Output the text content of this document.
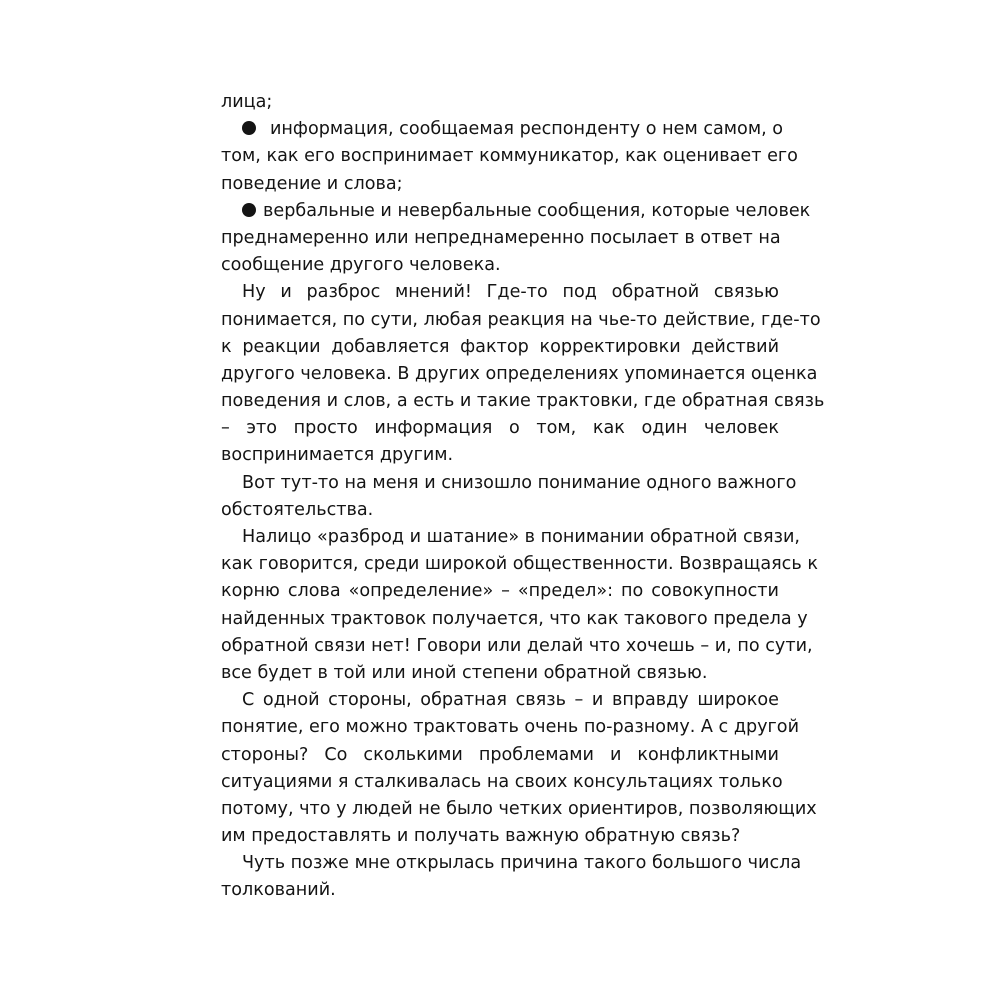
лица;
информация, сообщаемая респонденту о нем самом, о
том, как его воспринимает коммуникатор, как оценивает его
поведение и слова;
вербальные и невербальные сообщения, которые человек
преднамеренно или непреднамеренно посылает в ответ на
сообщение другого человека.
Ну и разброс мнений! Где-то под обратной связью
понимается, по сути, любая реакция на чье-то действие, где-то
к реакции добавляется фактор корректировки действий
другого человека. В других определениях упоминается оценка
поведения и слов, а есть и такие трактовки, где обратная связь
– это просто информация о том, как один человек
воспринимается другим.
Вот тут-то на меня и снизошло понимание одного важного
обстоятельства.
Налицо «разброд и шатание» в понимании обратной связи,
как говорится, среди широкой общественности. Возвращаясь к
корню слова «определение» – «предел»: по совокупности
найденных трактовок получается, что как такового предела у
обратной связи нет! Говори или делай что хочешь – и, по сути,
все будет в той или иной степени обратной связью.
С одной стороны, обратная связь – и вправду широкое
понятие, его можно трактовать очень по-разному. А с другой
стороны? Со сколькими проблемами и конфликтными
ситуациями я сталкивалась на своих консультациях только
потому, что у людей не было четких ориентиров, позволяющих
им предоставлять и получать важную обратную связь?
Чуть позже мне открылась причина такого большого числа
толкований.
